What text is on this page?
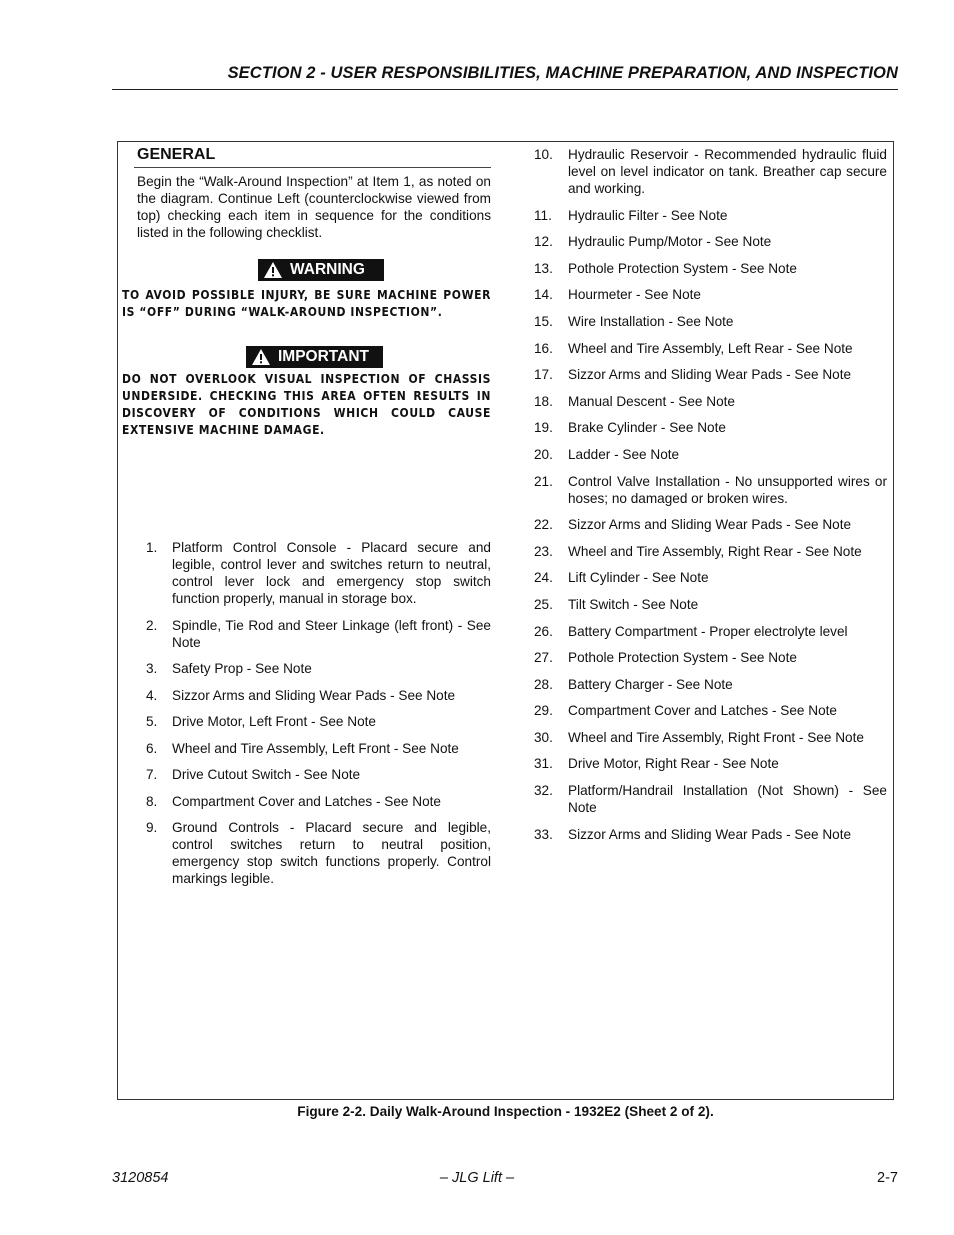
SECTION 2 - USER RESPONSIBILITIES, MACHINE PREPARATION, AND INSPECTION
GENERAL
Begin the “Walk-Around Inspection” at Item 1, as noted on the diagram. Continue Left (counterclockwise viewed from top) checking each item in sequence for the conditions listed in the following checklist.
WARNING
TO AVOID POSSIBLE INJURY, BE SURE MACHINE POWER IS “OFF” DURING “WALK-AROUND INSPECTION”.
IMPORTANT
DO NOT OVERLOOK VISUAL INSPECTION OF CHASSIS UNDERSIDE. CHECKING THIS AREA OFTEN RESULTS IN DISCOVERY OF CONDITIONS WHICH COULD CAUSE EXTENSIVE MACHINE DAMAGE.
1.	Platform Control Console - Placard secure and legible, control lever and switches return to neutral, control lever lock and emergency stop switch function properly, manual in storage box.
2.	Spindle, Tie Rod and Steer Linkage (left front) - See Note
3.	Safety Prop - See Note
4.	Sizzor Arms and Sliding Wear Pads - See Note
5.	Drive Motor, Left Front - See Note
6.	Wheel and Tire Assembly, Left Front - See Note
7.	Drive Cutout Switch - See Note
8.	Compartment Cover and Latches - See Note
9.	Ground Controls - Placard secure and legible, control switches return to neutral position, emergency stop switch functions properly. Control markings legible.
10.	Hydraulic Reservoir - Recommended hydraulic fluid level on level indicator on tank. Breather cap secure and working.
11.	Hydraulic Filter - See Note
12.	Hydraulic Pump/Motor - See Note
13.	Pothole Protection System - See Note
14.	Hourmeter - See Note
15.	Wire Installation - See Note
16.	Wheel and Tire Assembly, Left Rear - See Note
17.	Sizzor Arms and Sliding Wear Pads - See Note
18.	Manual Descent - See Note
19.	Brake Cylinder - See Note
20.	Ladder - See Note
21.	Control Valve Installation - No unsupported wires or hoses; no damaged or broken wires.
22.	Sizzor Arms and Sliding Wear Pads - See Note
23.	Wheel and Tire Assembly, Right Rear - See Note
24.	Lift Cylinder - See Note
25.	Tilt Switch - See Note
26.	Battery Compartment - Proper electrolyte level
27.	Pothole Protection System - See Note
28.	Battery Charger - See Note
29.	Compartment Cover and Latches - See Note
30.	Wheel and Tire Assembly, Right Front - See Note
31.	Drive Motor, Right Rear - See Note
32.	Platform/Handrail Installation (Not Shown) - See Note
33.	Sizzor Arms and Sliding Wear Pads - See Note
Figure 2-2. Daily Walk-Around Inspection - 1932E2 (Sheet 2 of 2).
3120854	– JLG Lift –	2-7
